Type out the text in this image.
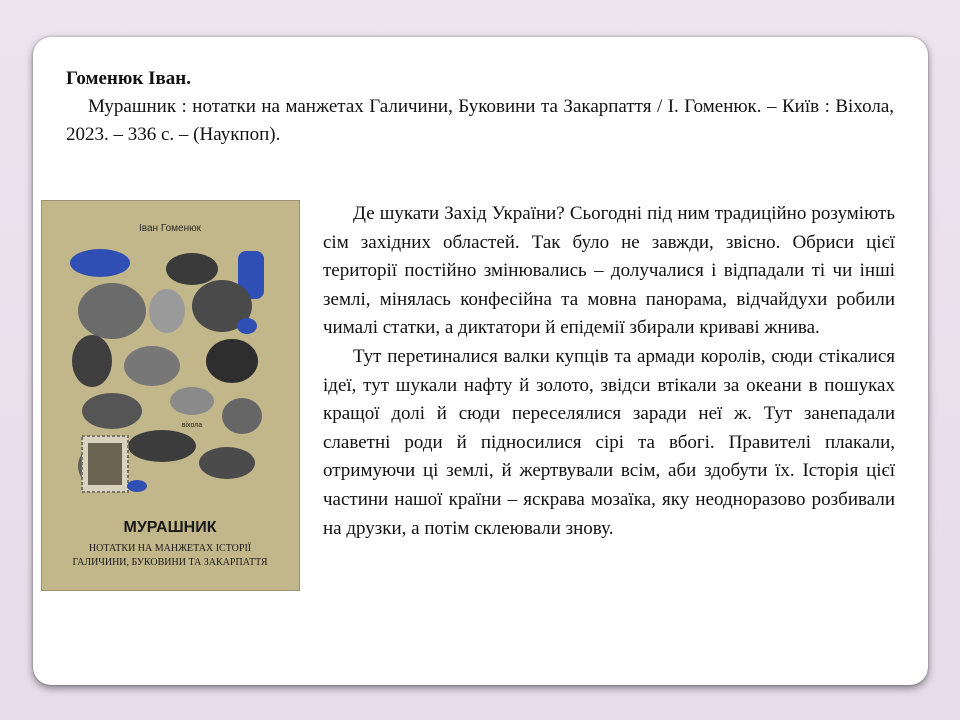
Гоменюк Іван.

Мурашник : нотатки на манжетах Галичини, Буковини та Закарпаття / І. Гоменюк. – Київ : Віхола, 2023. – 336 с. – (Наукпоп).

Іван Гоменюк
віхола
МУРАШНИК
НОТАТКИ НА МАНЖЕТАХ ІСТОРІЇ
ГАЛИЧИНИ, БУКОВИНИ ТА ЗАКАРПАТТЯ

Де шукати Захід України? Сьогодні під ним традиційно розуміють сім західних областей. Так було не завжди, звісно. Обриси цієї території постійно змінювались – долучалися і відпадали ті чи інші землі, мінялась конфесійна та мовна панорама, відчайдухи робили чималі статки, а диктатори й епідемії збирали криваві жнива.

Тут перетиналися валки купців та армади королів, сюди стікалися ідеї, тут шукали нафту й золото, звідси втікали за океани в пошуках кращої долі й сюди переселялися заради неї ж. Тут занепадали славетні роди й підносилися сірі та вбогі. Правителі плакали, отримуючи ці землі, й жертвували всім, аби здобути їх. Історія цієї частини нашої країни – яскрава мозаїка, яку неодноразово розбивали на друзки, а потім склеювали знову.
